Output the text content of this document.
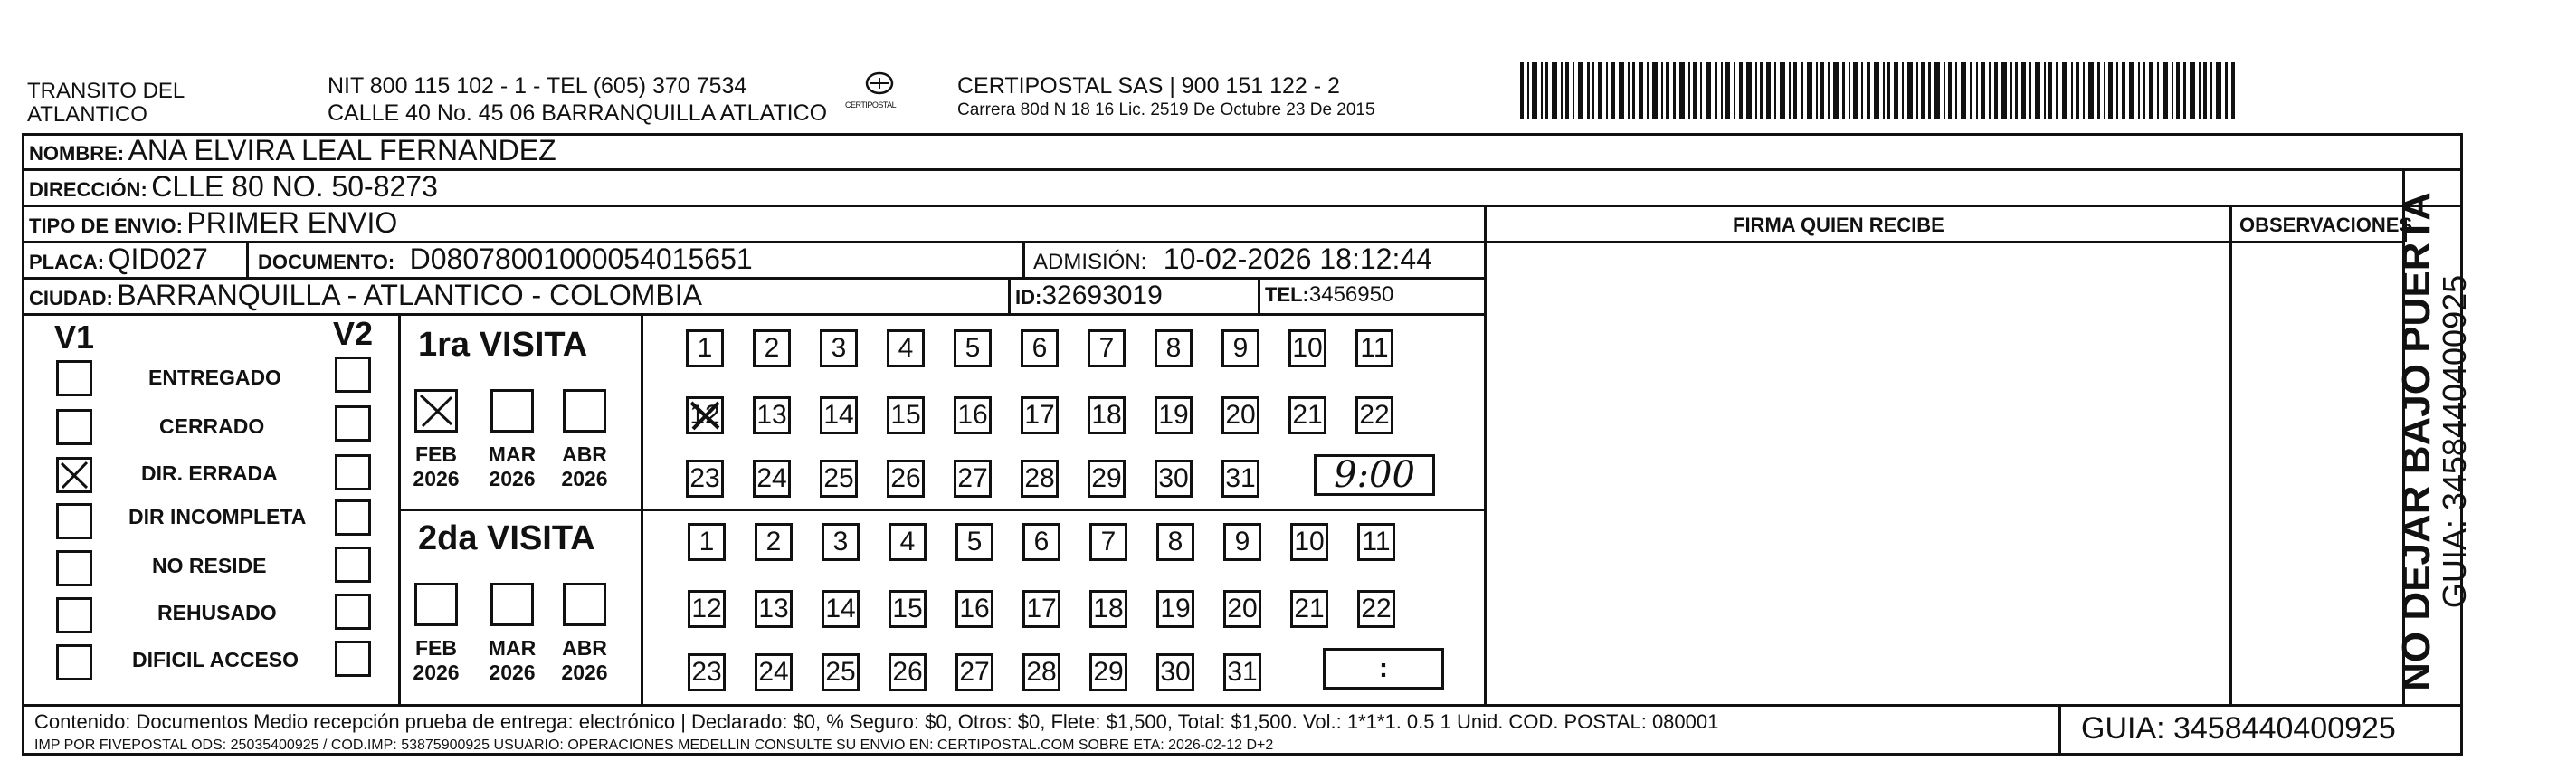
TRANSITO DEL
ATLANTICO
NIT 800 115 102 - 1 - TEL (605) 370 7534
CALLE 40 No. 45 06 BARRANQUILLA ATLATICO CERTIPOSTAL
CERTIPOSTAL SAS | 900 151 122 - 2
Carrera 80d N 18 16 Lic. 2519 De Octubre 23 De 2015
NOMBRE: ANA ELVIRA LEAL FERNANDEZ
DIRECCIÓN: CLLE 80 NO. 50-8273
TIPO DE ENVIO: PRIMER ENVIO	FIRMA QUIEN RECIBE	OBSERVACIONES
PLACA: QID027	DOCUMENTO: D08078001000054015651	ADMISIÓN: 10-02-2026 18:12:44
CIUDAD: BARRANQUILLA - ATLANTICO - COLOMBIA	ID:32693019	TEL:3456950
V1	V2
ENTREGADO
CERRADO
DIR. ERRADA
DIR INCOMPLETA
NO RESIDE
REHUSADO
DIFICIL ACCESO
1ra VISITA
FEB
2026
MAR
2026
ABR
2026
2da VISITA
FEB
2026
MAR
2026
ABR
2026
1	2	3	4	5	6	7	8	9	10 11
12 13 14 15 16 17 18 19 20 21 22
23 24 25 26 27 28 29 30 31
1	2	3	4	5	6	7	8	9	10 11
12 13 14 15 16 17 18 19 20 21 22
23 24 25 26 27 28 29 30 31
9:00
:
Contenido: Documentos Medio recepción prueba de entrega: electrónico | Declarado: $0, % Seguro: $0, Otros: $0, Flete: $1,500, Total: $1,500. Vol.: 1*1*1. 0.5 1 Unid. COD. POSTAL: 080001
IMP POR FIVEPOSTAL ODS: 25035400925 / COD.IMP: 53875900925 USUARIO: OPERACIONES MEDELLIN CONSULTE SU ENVIO EN: CERTIPOSTAL.COM SOBRE ETA: 2026-02-12 D+2	GUIA: 3458440400925
NO DEJAR BAJO PUERTA
GUIA: 3458440400925
